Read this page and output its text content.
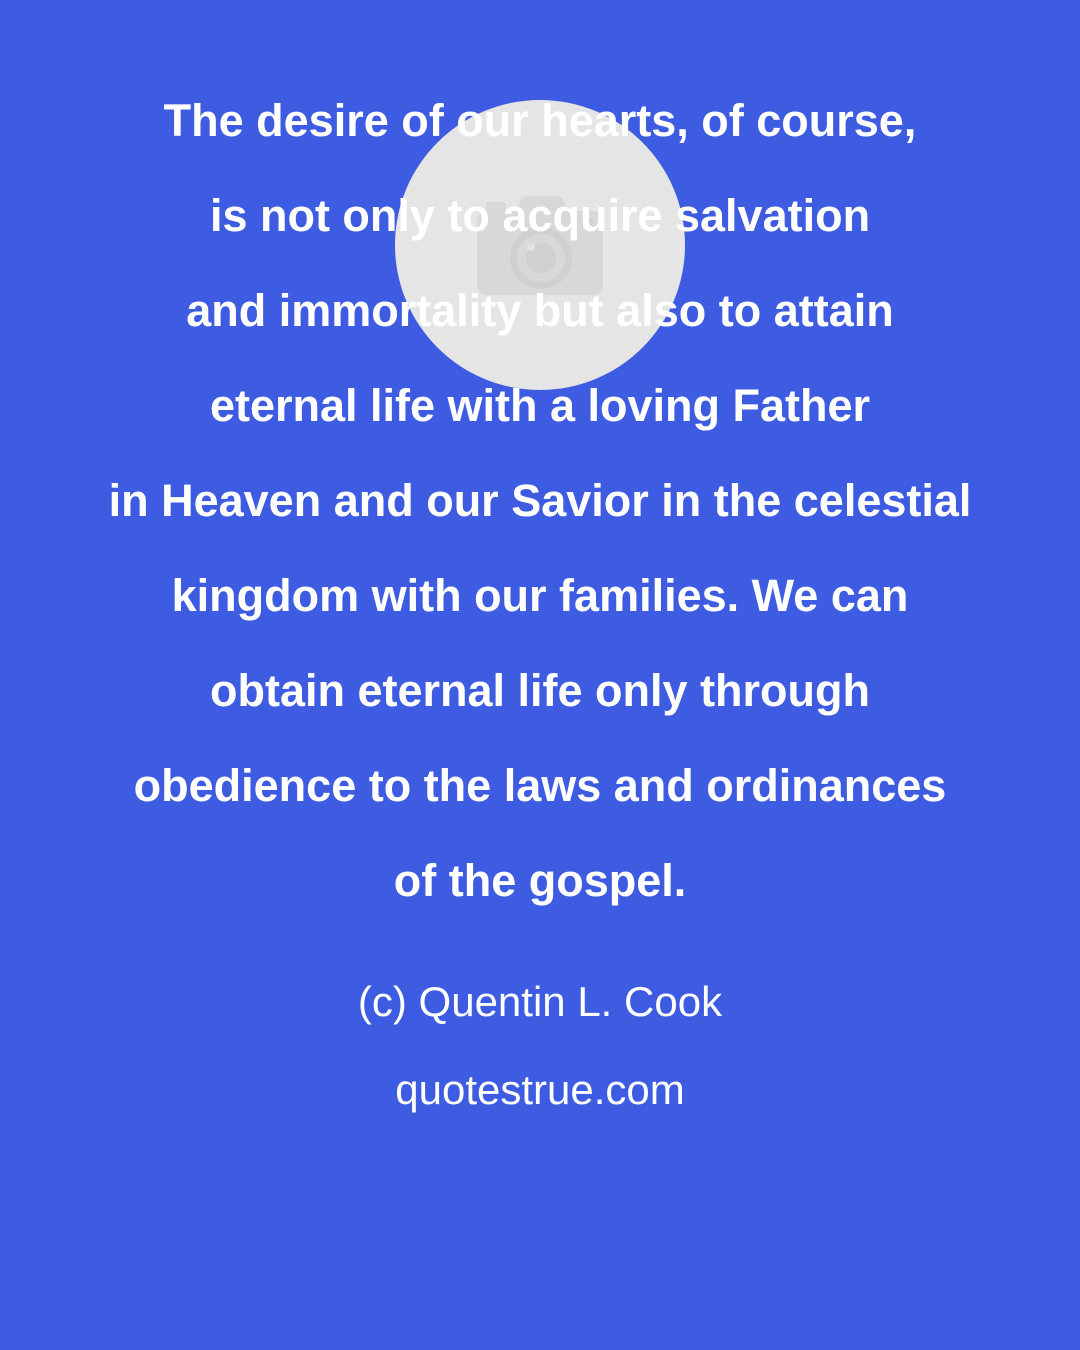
The desire of our hearts, of course,
is not only to acquire salvation
and immortality but also to attain
eternal life with a loving Father
in Heaven and our Savior in the celestial
kingdom with our families. We can
obtain eternal life only through
obedience to the laws and ordinances
of the gospel.
(c) Quentin L. Cook
quotestrue.com
